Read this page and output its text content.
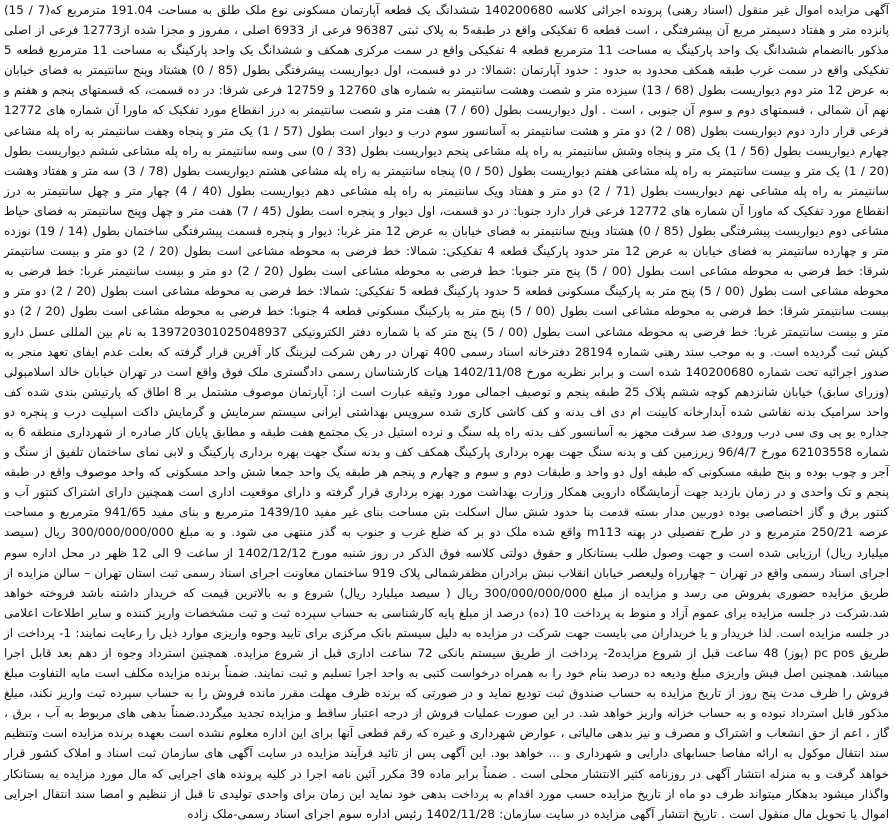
آگهی مزایده اموال غیر منقول (اسناد رهنی) پرونده اجرائی کلاسه 140200680 ششدانگ یک قطعه آپارتمان مسکونی نوع ملک طلق به مساحت 191.04 مترمربع که(7 / 15) پانزده متر و هفتاد دسیمتر مربع آن پیشرفتگی ، است قطعه 6 تفکیکی واقع در طبقه5 به پلاک ثبتی 96387 فرعی از 6933 اصلی ، مفروز و مجزا شده از12773 فرعی از اصلی مذکور باانضمام ششدانگ یک واحد پارکینگ به مساحت 11 مترمربع قطعه 4 تفکیکی واقع در سمت مرکزی همکف و ششدانگ یک واحد پارکینگ به مساحت 11 مترمربع قطعه 5 تفکیکی واقع در سمت غرب طبقه همکف محدود به حدود : حدود آپارتمان :شمالا: در دو قسمت، اول دیواریست پیشرفتگی بطول (85 / 0) هشتاد وپنج سانتیمتر به فضای خیابان به عرض 12 متر دوم دیواریست بطول (68 / 13) سیزده متر و شصت وهشت سانتیمتر به شماره های 12760 و 12759 فرعی شرقا: در ده قسمت، که قسمتهای پنجم و هفتم و نهم آن شمالی ، قسمتهای دوم و سوم آن جنوبی ، است . اول دیواریست بطول (60 / 7) هفت متر و شصت سانتیمتر به درز انقطاع مورد تفکیک که ماورا آن شماره های 12772 فرعی قرار دارد دوم دیواریست بطول (08 / 2) دو متر و هشت سانتیمتر به آسانسور سوم درب و دیوار است بطول (57 / 1) یک متر و پنجاه وهفت سانتیمتر به راه پله مشاعی چهارم دیواریست بطول (56 / 1) یک متر و پنجاه وشش سانتیمتر به راه پله مشاعی پنجم دیواریست بطول (33 / 0) سی وسه سانتیمتر به راه پله مشاعی ششم دیواریست بطول (20 / 1) یک متر و بیست سانتیمتر به راه پله مشاعی هفتم دیواریست بطول (50 / 0) پنجاه سانتیمتر به راه پله مشاعی هشتم دیواریست بطول (78 / 3) سه متر و هفتاد وهشت سانتیمتر به راه پله مشاعی نهم دیواریست بطول (71 / 2) دو متر و هفتاد ویک سانتیمتر به راه پله مشاعی دهم دیواریست بطول (40 / 4) چهار متر و چهل سانتیمتر به درز انقطاع مورد تفکیک که ماورا آن شماره های 12772 فرعی قرار دارد جنوبا: در دو قسمت، اول دیوار و پنجره است بطول (45 / 7) هفت متر و چهل وپنج سانتیمتر به فضای حیاط مشاعی دوم دیواریست پیشرفتگی بطول (85 / 0) هشتاد وپنج سانتیمتر به فضای خیابان به عرض 12 متر غربا: دیوار و پنجره قسمت پیشرفتگی ساختمان بطول (14 / 19) نوزده متر و چهارده سانتیمتر به فضای خیابان به عرض 12 متر حدود پارکینگ قطعه 4 تفکیکی: شمالا: خط فرضی به محوطه مشاعی است بطول (20 / 2) دو متر و بیست سانتیمتر شرقا: خط فرضی به محوطه مشاعی است بطول (00 / 5) پنج متر جنوبا: خط فرضی به محوطه مشاعی است بطول (20 / 2) دو متر و بیست سانتیمتر غربا: خط فرضی به محوطه مشاعی است بطول (00 / 5) پنج متر به پارکینگ مسکونی قطعه 5 حدود پارکینگ قطعه 5 تفکیکی: شمالا: خط فرضی به محوطه مشاعی است بطول (20 / 2) دو متر و بیست سانتیمتر شرقا: خط فرضی به محوطه مشاعی است بطول (00 / 5) پنج متر به پارکینگ مسکونی قطعه 4 جنوبا: خط فرضی به محوطه مشاعی است بطول (20 / 2) دو متر و بیست سانتیمتر غربا: خط فرضی به محوطه مشاعی است بطول (00 / 5) پنج متر که با شماره دفتر الکترونیکی 139720301025048937 به نام بین المللی عسل دارو کیش ثبت گردیده است. و به موجب سند رهنی شماره 28194 دفترخانه اسناد رسمی 400 تهران در رهن شرکت لیزینگ کار آفرین قرار گرفته که بعلت عدم ایفای تعهد منجر به صدور اجرائیه تحت شماره 140200680 شده است و برابر نظریه مورخ 1402/11/08 هیات کارشناسان رسمی دادگستری ملک فوق واقع است در تهران خیابان خالد اسلامبولی (وزرای سابق) خیابان شانزدهم کوچه ششم پلاک 25 طبقه پنجم و توصیف اجمالی مورد وثیقه عبارت است از: آپارتمان موصوف مشتمل بر 8 اطاق که پارتیشن بندی شده کف واحد سرامیک بدنه نقاشی شده آبدارخانه کابینت ام دی اف بدنه و کف کاشی کاری شده سرویس بهداشتی ایرانی سیستم سرمایش و گرمایش داکت اسپلیت درب و پنجره دو جداره یو پی وی سی درب ورودی ضد سرقت مجهز به آسانسور کف بدنه راه پله سنگ و نرده استیل در یک مجتمع هفت طبقه و مطابق پایان کار صادره از شهرداری منطقه 6 به شماره 62103558 مورخ 96/4/7 زیرزمین کف و بدنه سنگ جهت بهره برداری پارکینگ همکف کف و بدنه سنگ جهت بهره برداری پارکینگ و لابی نمای ساختمان تلفیق از سنگ و آجر و چوب بوده و پنج طبقه مسکونی که طبقه اول دو واحد و طبقات دوم و سوم و چهارم و پنجم هر طبقه یک واحد جمعا شش واحد مسکونی که واحد موصوف واقع در طبقه پنجم و تک واحدی و در زمان بازدید جهت آزمایشگاه دارویی همکار وزارت بهداشت مورد بهره برداری قرار گرفته و دارای موقعیت اداری است همچنین دارای اشتراک کنتور آب و کنتور برق و گاز اختصاصی بوده دوربین مدار بسته قدمت بنا حدود شش سال اسکلت بتن مساحت بنای غیر مفید 1439/10 مترمربع و بنای مفید 941/65 مترمربع و مساحت عرصه 250/21 مترمربع و در طرح تفصیلی در پهنه m113 واقع شده ملک دو بر که ضلع غرب و جنوب به گذر منتهی می شود. و به مبلغ 300/000/000/000 ریال (سیصد میلیارد ریال) ارزیابی شده است و جهت وصول طلب بستانکار و حقوق دولتی کلاسه فوق الذکر در روز شنبه مورخ 1402/12/12 از ساعت 9 الی 12 ظهر در محل اداره سوم اجرای اسناد رسمی واقع در تهران – چهارراه ولیعصر خیابان انقلاب نبش برادران مظفرشمالی پلاک 919 ساختمان معاونت اجرای اسناد رسمی ثبت استان تهران – سالن مزایده از طریق مزایده حضوری بفروش می رسد و مزایده از مبلغ 300/000/000/000 ریال ( سیصد میلیارد ریال) شروع و به بالاترین قیمت که خریدار داشته باشد فروخته خواهد شد.شرکت در جلسه مزایده برای عموم آزاد و منوط به پرداخت 10 (ده) درصد از مبلغ پایه کارشناسی به حساب سپرده ثبت و ثبت مشخصات واریز کننده و سایر اطلاعات اعلامی در جلسه مزایده است. لذا خریدار و یا خریداران می بایست جهت شرکت در مزایده به دلیل سیستم بانک مرکزی برای تایید وجوه واریزی موارد ذیل را رعایت نمایند: 1- پرداخت از طریق pc pos (پوز) 48 ساعت قبل از شروع مزایده2- پرداخت از طریق سیستم بانکی 72 ساعت اداری قبل از شروع مزایده. همچنین استرداد وجوه از دهم بعد قابل اجرا میباشد. همچنین اصل فیش واریزی مبلغ ودیعه ده درصد بنام خود را به همراه درخواست کتبی به واحد اجرا تسلیم و ثبت نمایند. ضمناً برنده مزایده مکلف است مابه التفاوت مبلغ فروش را ظرف مدت پنج روز از تاریخ مزایده به حساب صندوق ثبت تودیع نماید و در صورتی که برنده ظرف مهلت مقرر مانده فروش را به حساب سپرده ثبت واریز نکند، مبلغ مذکور قابل استرداد نبوده و به حساب خزانه واریز خواهد شد. در این صورت عملیات فروش از درجه اعتبار ساقط و مزایده تجدید میگردد.ضمناً بدهی های مربوط به آب ، برق ، گاز ، اعم از حق انشعاب و اشتراک و مصرف و نیز بدهی مالیاتی ، عوارض شهرداری و غیره که رقم قطعی آنها برای این اداره معلوم نشده است بعهده برنده مزایده است وتنظیم سند انتقال موکول به ارائه مفاصا حسابهای دارایی و شهرداری و ... خواهد بود. این آگهی پس از تائید فرآیند مزایده در سایت آگهی های سازمان ثبت اسناد و املاک کشور قرار خواهد گرفت و به منزله انتشار آگهی در روزنامه کثیر الانتشار محلی است . ضمناً برابر ماده 39 مکرر آئین نامه اجرا در کلیه پرونده های اجرایی که مال مورد مزایده به بستانکار واگذار میشود بدهکار میتواند ظرف دو ماه از تاریخ مزایده حسب مورد اقدام به پرداخت بدهی خود نماید این زمان برای واحدی تولیدی تا قبل از تنظیم و امضا سند انتقال اجرایی اموال یا تحویل مال منقول است . تاریخ انتشار آگهی مزایده در سایت سازمان: 1402/11/28 رئیس اداره سوم اجرای اسناد رسمی-ملک زاده
